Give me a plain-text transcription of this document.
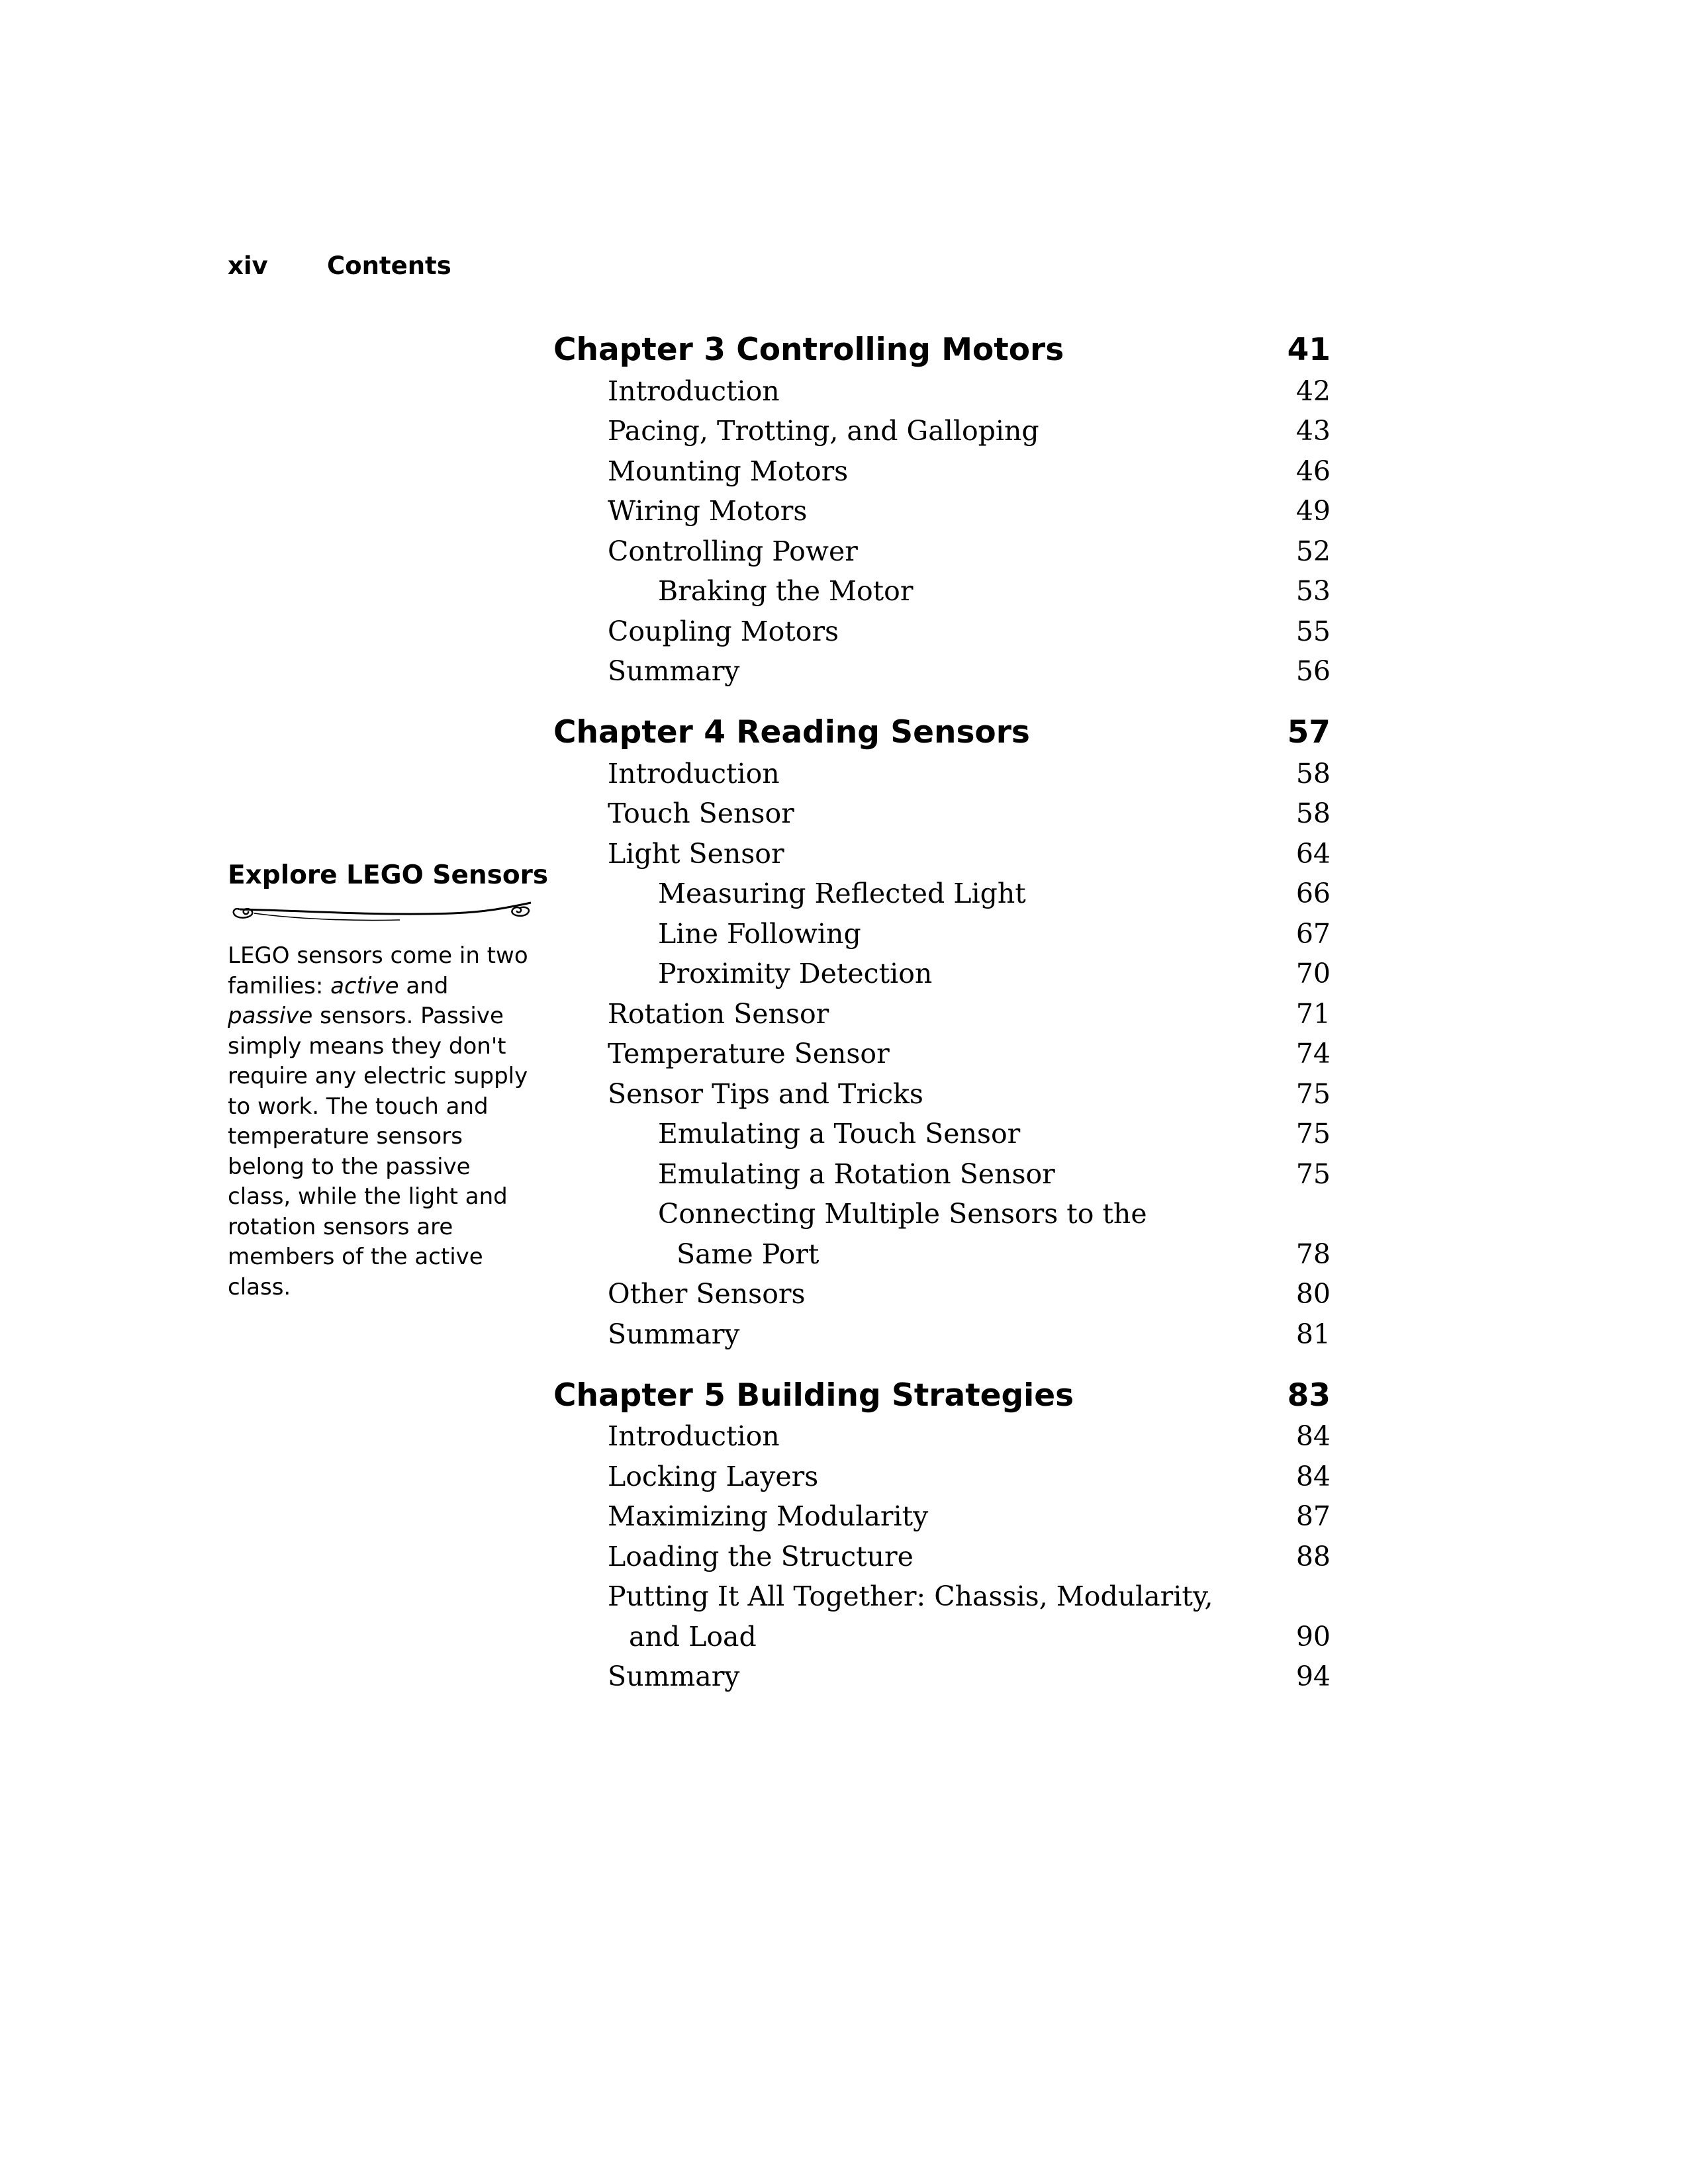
xiv Contents
Explore LEGO Sensors
LEGO sensors come in two
families: active and
passive sensors. Passive
simply means they don't
require any electric supply
to work. The touch and
temperature sensors
belong to the passive
class, while the light and
rotation sensors are
members of the active
class.
Chapter 3 Controlling Motors	41
Introduction	42
Pacing, Trotting, and Galloping	43
Mounting Motors	46
Wiring Motors	49
Controlling Power	52
Braking the Motor	53
Coupling Motors	55
Summary	56
Chapter 4 Reading Sensors	57
Introduction	58
Touch Sensor	58
Light Sensor	64
Measuring Reflected Light	66
Line Following	67
Proximity Detection	70
Rotation Sensor	71
Temperature Sensor	74
Sensor Tips and Tricks	75
Emulating a Touch Sensor	75
Emulating a Rotation Sensor	75
Connecting Multiple Sensors to the
Same Port	78
Other Sensors	80
Summary	81
Chapter 5 Building Strategies	83
Introduction	84
Locking Layers	84
Maximizing Modularity	87
Loading the Structure	88
Putting It All Together: Chassis, Modularity,
and Load	90
Summary	94
